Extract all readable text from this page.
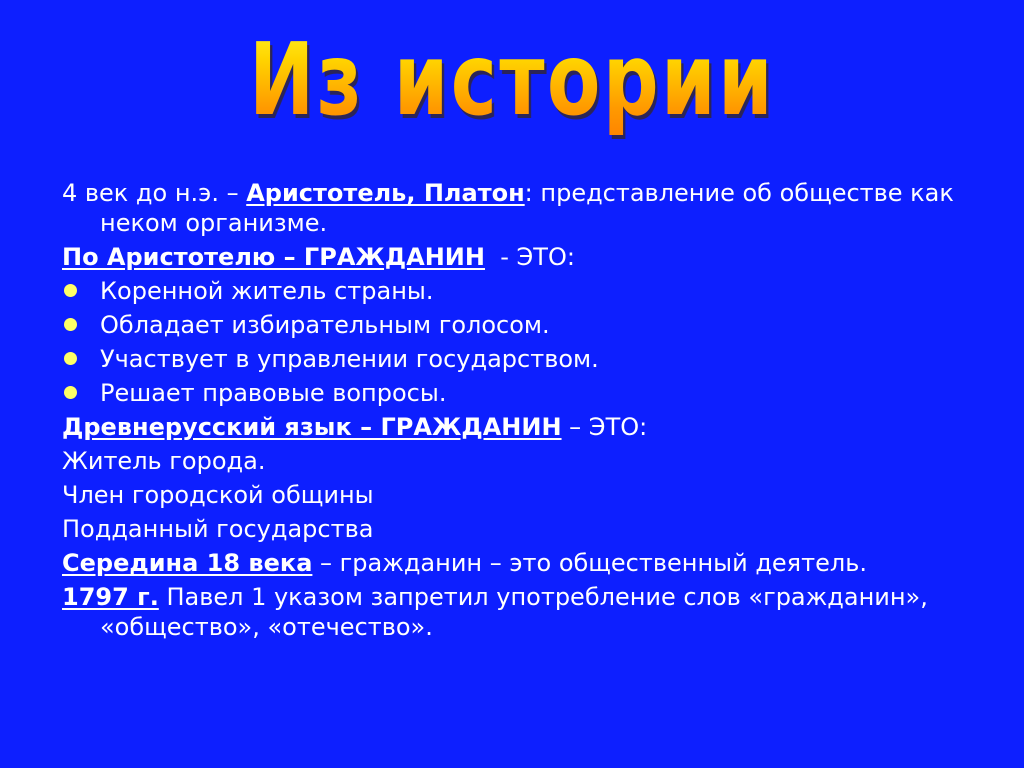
Из истории

4 век до н.э. – Аристотель, Платон: представление об обществе как неком организме.

По Аристотелю – ГРАЖДАНИН  - ЭТО:

Коренной житель страны.
Обладает избирательным голосом.
Участвует в управлении государством.
Решает правовые вопросы.

Древнерусский язык – ГРАЖДАНИН – ЭТО:

Житель города.

Член городской общины

Подданный государства

Середина 18 века – гражданин – это общественный деятель.

1797 г. Павел 1 указом запретил употребление слов «гражданин», «общество», «отечество».
